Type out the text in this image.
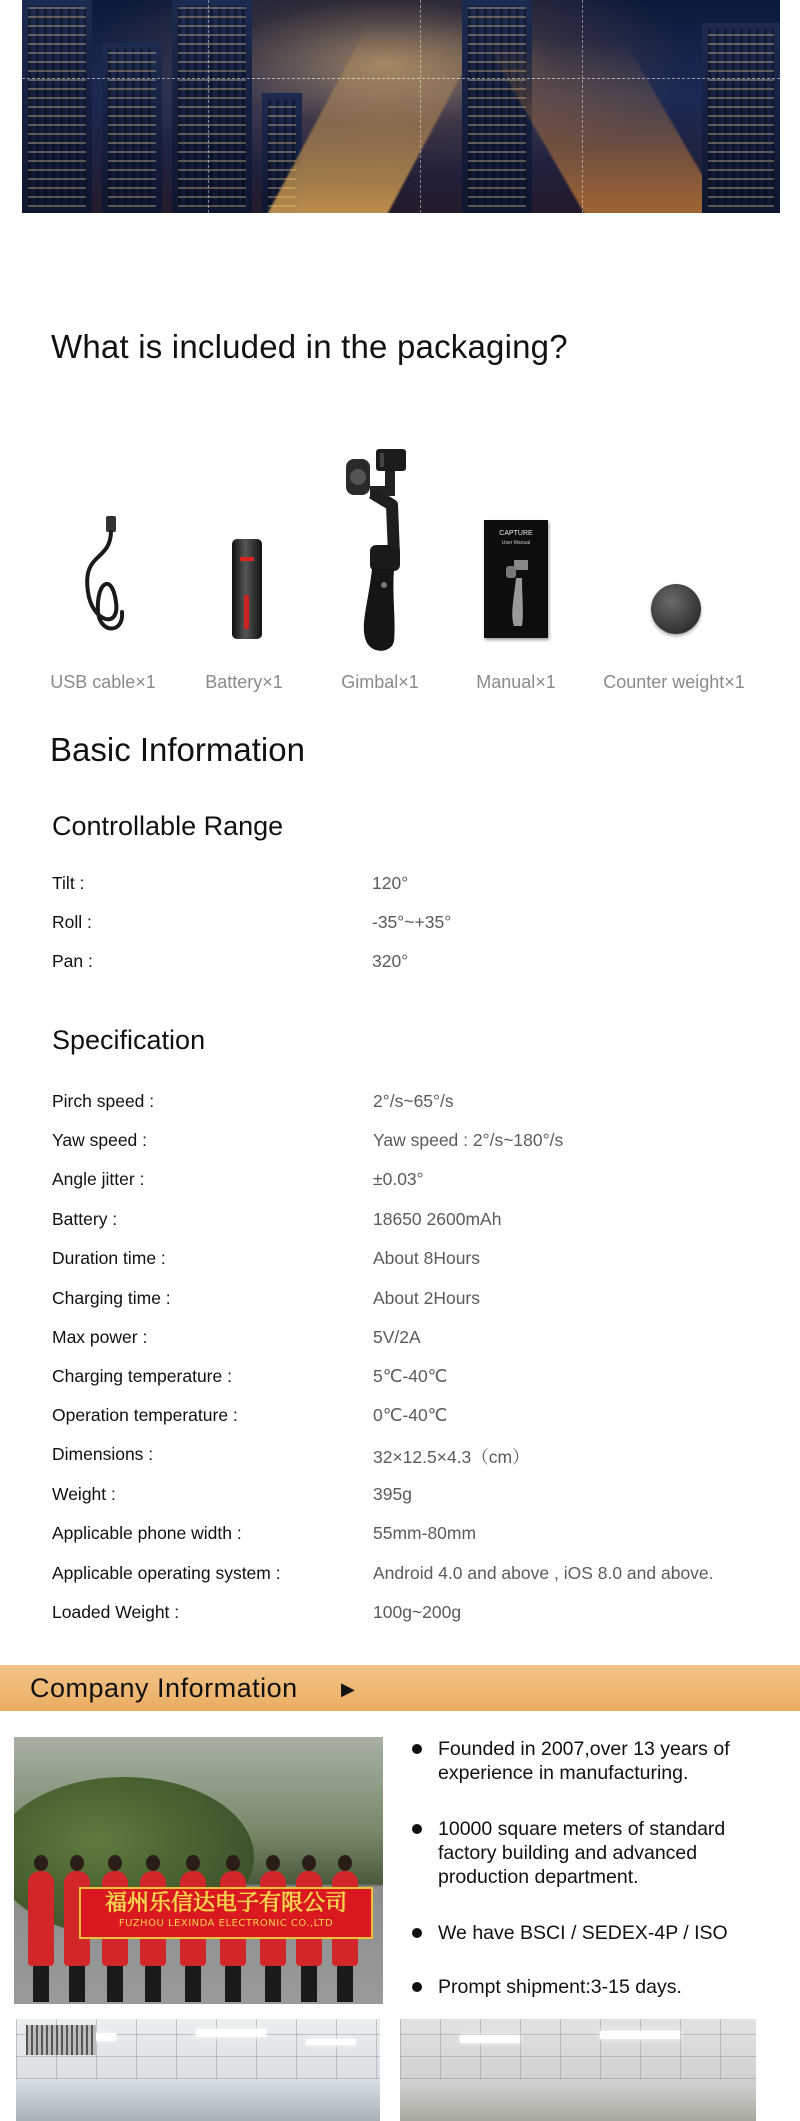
What is included in the packaging?
USB cable×1	Battery×1	Gimbal×1
CAPTURE
User Manual
Manual×1	Counter weight×1
Basic Information
Controllable Range
Tilt :	120°
Roll :	-35°~+35°
Pan :	320°
Specification
Pirch speed :	2°/s~65°/s
Yaw speed :	Yaw speed : 2°/s~180°/s
Angle jitter :	±0.03°
Battery :	18650 2600mAh
Duration time :	About 8Hours
Charging time :	About 2Hours
Max power :	5V/2A
Charging temperature :	5℃-40℃
Operation temperature :	0℃-40℃
Dimensions :	32×12.5×4.3（cm）
Weight :	395g
Applicable phone width :	55mm-80mm
Applicable operating system :	Android 4.0 and above , iOS 8.0 and above.
Loaded Weight :	100g~200g
Company Information ▶
福州乐信达电子有限公司
FUZHOU LEXINDA ELECTRONIC CO.,LTD
Founded in 2007,over 13 years of experience in manufacturing.
10000 square meters of standard factory building and advanced production department.
We have BSCI / SEDEX-4P / ISO
Prompt shipment:3-15 days.
